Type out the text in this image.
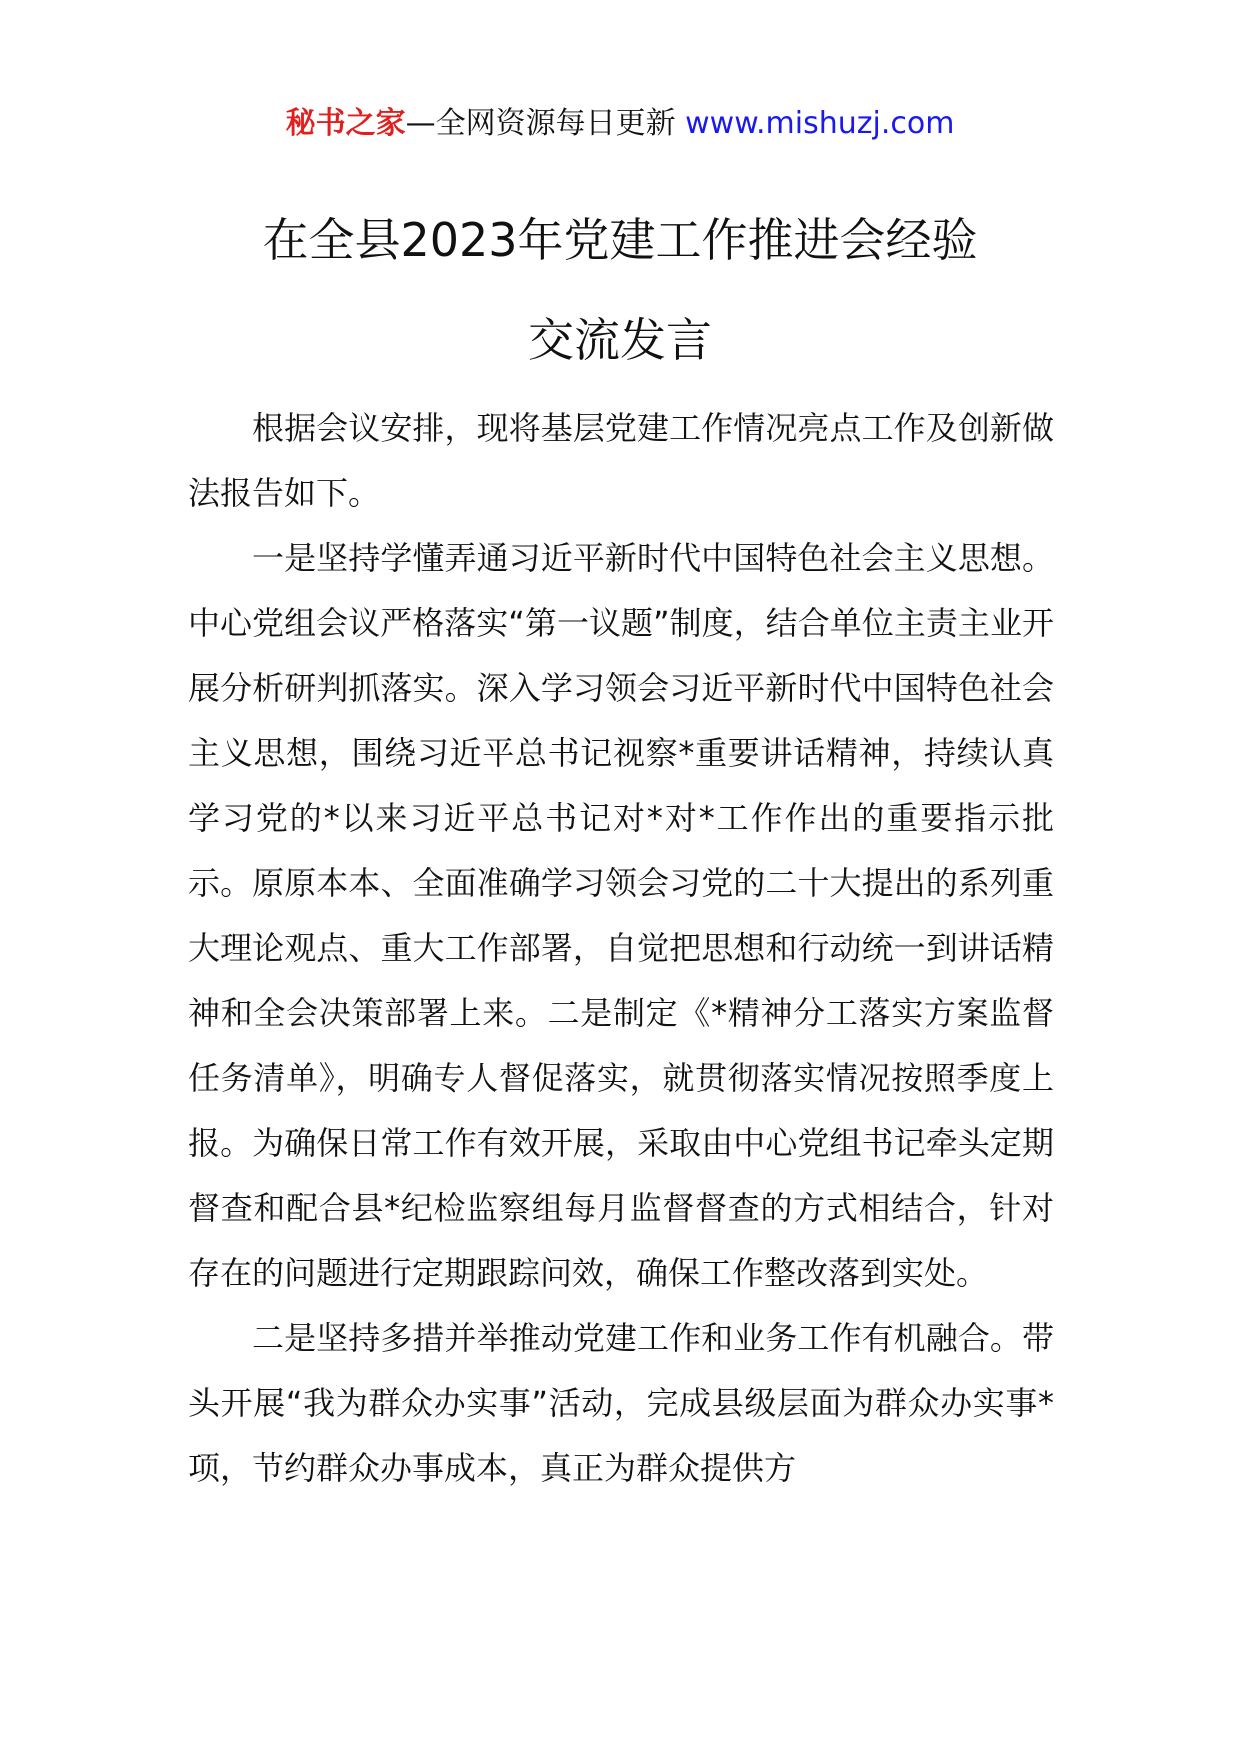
秘书之家—全网资源每日更新 www.mishuzj.com
在全县2023年党建工作推进会经验
交流发言

根据会议安排，现将基层党建工作情况亮点工作及创新做法报告如下。

一是坚持学懂弄通习近平新时代中国特色社会主义思想。中心党组会议严格落实“第一议题”制度，结合单位主责主业开展分析研判抓落实。深入学习领会习近平新时代中国特色社会主义思想，围绕习近平总书记视察*重要讲话精神，持续认真学习党的*以来习近平总书记对*对*工作作出的重要指示批示。原原本本、全面准确学习领会习党的二十大提出的系列重大理论观点、重大工作部署，自觉把思想和行动统一到讲话精神和全会决策部署上来。二是制定《*精神分工落实方案监督任务清单》，明确专人督促落实，就贯彻落实情况按照季度上报。为确保日常工作有效开展，采取由中心党组书记牵头定期督查和配合县*纪检监察组每月监督督查的方式相结合，针对存在的问题进行定期跟踪问效，确保工作整改落到实处。

二是坚持多措并举推动党建工作和业务工作有机融合。带头开展“我为群众办实事”活动，完成县级层面为群众办实事*项，节约群众办事成本，真正为群众提供方
